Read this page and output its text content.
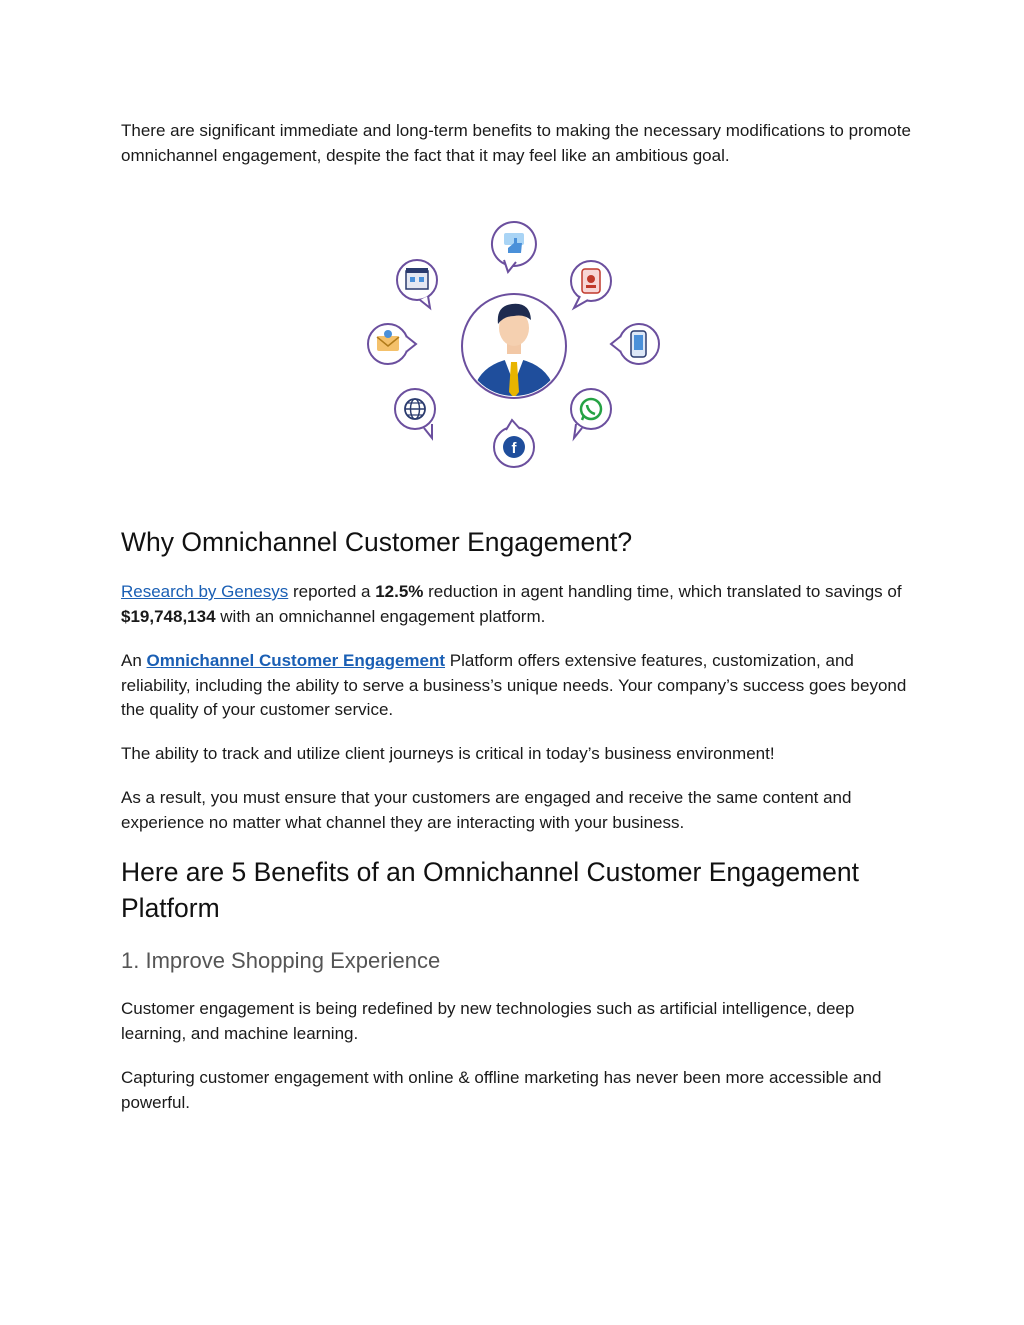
There are significant immediate and long-term benefits to making the necessary modifications to promote omnichannel engagement, despite the fact that it may feel like an ambitious goal.

f
Why Omnichannel Customer Engagement?

Research by Genesys reported a 12.5% reduction in agent handling time, which translated to savings of $19,748,134 with an omnichannel engagement platform.

An Omnichannel Customer Engagement Platform offers extensive features, customization, and reliability, including the ability to serve a business’s unique needs. Your company’s success goes beyond the quality of your customer service.

The ability to track and utilize client journeys is critical in today’s business environment!

As a result, you must ensure that your customers are engaged and receive the same content and experience no matter what channel they are interacting with your business.

Here are 5 Benefits of an Omnichannel Customer Engagement Platform
1. Improve Shopping Experience

Customer engagement is being redefined by new technologies such as artificial intelligence, deep learning, and machine learning.

Capturing customer engagement with online & offline marketing has never been more accessible and powerful.
